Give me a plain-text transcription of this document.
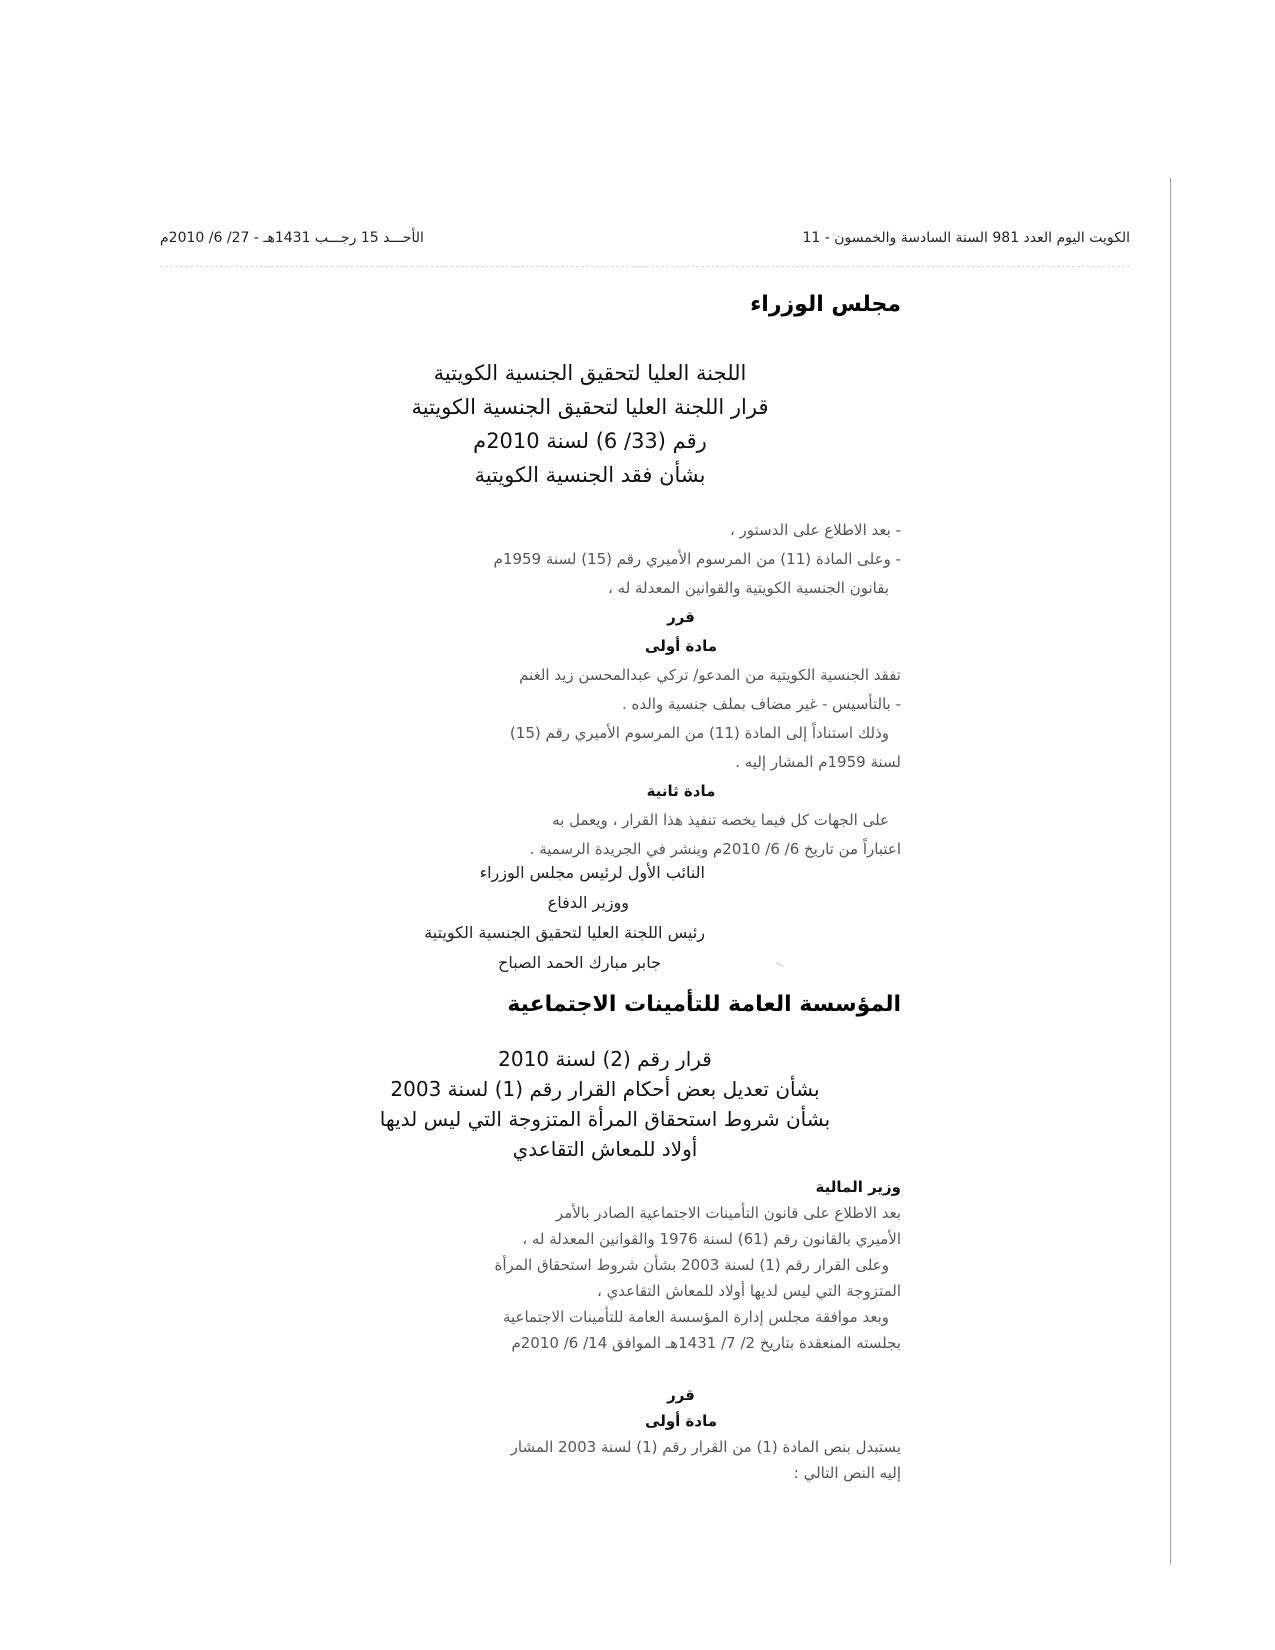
الكويت اليوم العدد 981 السنة السادسة والخمسون - 11
الأحـــد 15 رجـــب 1431هـ - 27/ 6/ 2010م
مجلس الوزراء
اللجنة العليا لتحقيق الجنسية الكويتية
قرار اللجنة العليا لتحقيق الجنسية الكويتية
رقم (33/ 6) لسنة 2010م
بشأن فقد الجنسية الكويتية
- بعد الاطلاع على الدستور ،
- وعلى المادة (11) من المرسوم الأميري رقم (15) لسنة 1959م
بقانون الجنسية الكويتية والقوانين المعدلة له ،
قرر
مادة أولى
تفقد الجنسية الكويتية من المدعو/ تركي عبدالمحسن زيد الغنم
- بالتأسيس - غير مضاف بملف جنسية والده .
وذلك استناداً إلى المادة (11) من المرسوم الأميري رقم (15)
لسنة 1959م المشار إليه .
مادة ثانية
على الجهات كل فيما يخصه تنفيذ هذا القرار ، ويعمل به
اعتباراً من تاريخ 6/ 6/ 2010م وينشر في الجريدة الرسمية .
النائب الأول لرئيس مجلس الوزراء
ووزير الدفاع
رئيس اللجنة العليا لتحقيق الجنسية الكويتية
جابر مبارك الحمد الصباح
المؤسسة العامة للتأمينات الاجتماعية
قرار رقم (2) لسنة 2010
بشأن تعديل بعض أحكام القرار رقم (1) لسنة 2003
بشأن شروط استحقاق المرأة المتزوجة التي ليس لديها
أولاد للمعاش التقاعدي
وزير المالية
بعد الاطلاع على قانون التأمينات الاجتماعية الصادر بالأمر
الأميري بالقانون رقم (61) لسنة 1976 والقوانين المعدلة له ،
وعلى القرار رقم (1) لسنة 2003 بشأن شروط استحقاق المرأة
المتزوجة التي ليس لديها أولاد للمعاش التقاعدي ،
وبعد موافقة مجلس إدارة المؤسسة العامة للتأمينات الاجتماعية
بجلسته المنعقدة بتاريخ 2/ 7/ 1431هـ الموافق 14/ 6/ 2010م
قرر
مادة أولى
يستبدل بنص المادة (1) من القرار رقم (1) لسنة 2003 المشار
إليه النص التالي :
